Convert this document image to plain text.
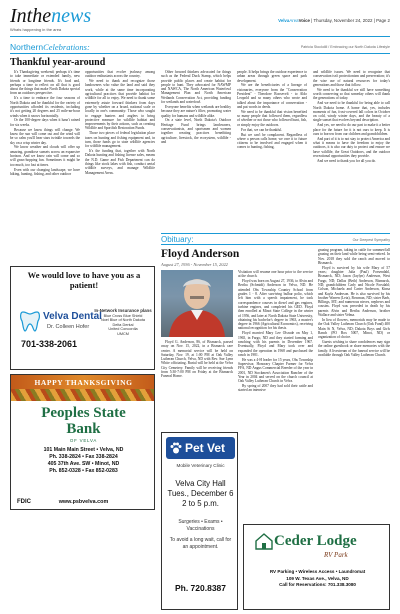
Inthenews
Whats happening in the area
VelvaAreaVoice | Thursday, November 24, 2022 | Page 2
NorthernCelebrations:	Patricia Stockdill / Embracing our North Dakota Lifestyle
Thankful year-around

It's Thanksgiving weekend; perhaps it's time to take immediate or extended family, new friends or longtime friends. It's food and, perhaps a time to reflect on all that is good about the things that make North Dakota special from an outdoors perspective.

It's a time to embrace the four seasons of North Dakota and be thankful for the variety of opportunities afforded its residents, including it's not getting 20 degrees and 25 mile-an-hour winds when it snows horizontally.

Or the 100-degree days when it hasn't rained for six weeks.

Because we know things will change. We know the sun will come out and the wind will be so calm you'll hear stars twinkle towards the sky on a crisp winter day.

We know weather and clouds will offer up amazing, grandiose sunsets across an expansive horizon. And we know rain will come and so will grass-hopping fun. Sometimes it might be too much, too fast at times.

Even with our changing landscape, we have hiking, hunting, fishing, and other outdoor

opportunities that evolve jealousy among outdoor enthusiasts across the country.

We need to thank and recognize those landowners who value the land and said they work, while at the same time incorporating agricultural practices that provide habitat for wildlife for all to enjoy. We need to thank some extremely astute forward thinkers from days gone by whether on a broad, national scale or locally in one's community: Those who sought to engage hunters and anglers to bring protective measure for wildlife habitat and improvements by their actions, such as creating Wildlife and Sportfish Restoration Funds.

Those two pieces of federal legislation place taxes on hunting and fishing equipment and, in turn, those funds go to state wildlife agencies for wildlife management.

It's the funding that, together with North Dakota hunting and fishing license sales, means the N.D. Game and Fish Department can do things like stock lakes with fish, conduct aerial wildlife surveys, and manage Wildlife Management Areas.

Other forward thinkers advocated for things such as the Federal Duck Stamp, which helps provide public places and create habitat for people to hunt. They advocated for NAWMP and NAWCA, The North American Waterfowl Management Plan and North American Wetlands Conservation Act, providing funding for wetlands and waterfowl.

Everyone benefits when wetlands are healthy because they are nature's filter, promoting water quality for humans and wildlife alike.

On a state level, North Dakota's Outdoor Heritage Fund brings landowners, conservationists, and sportsmen and women together creating practices benefitting agriculture, livestock, the ecosystem, wildlife - and

people. It helps brings the outdoor experience to urban areas through green space and park development.

We are the beneficiaries of a lineage of visionaries, everyone from the "Conservation President" - Theodore Roosevelt - to Aldo Leopold and so many others who wrote and talked about the importance of conservation - and put words in deeds.

We need to be thankful that vision benefited so many people that followed them, regardless of whether or not those who followed hunt, fish, or simply enjoy the outdoors.

For that, we can be thankful.

But we can't be complacent. Regardless of where a person calls home, we owe it to future citizens to be involved and engaged when it comes to hunting, fishing,

and wildlife issues. We need to recognize that conservation isn't protectionism and preservation; it's the wise use of natural resources for today's generations and those that follow.

We need to be thankful we still have something worth conserving so that someday others will thank the generations of today.

And we need to be thankful for being able to call North Dakota home. A home that, yes, includes moments of fun, frost-covered fall colors in October on cold, windy winter days, and the beauty of a single sunset that evolves beyond description.

And yes, we need to do our part to make it a better place for the future for it is not ours to keep. It is ours to borrow from our children and grandchildren.

And part of it is to not stay to protect America and what it means to have the freedom to enjoy the outdoors, it is also our duty to protect and ensure we have wildlife, the Great Outdoors, and the outdoor recreational opportunities they provide.

And we need to thank you for all you do.

We would love to have you as a patient!
Velva Dental
Dr. Colleen Hofer
701-338-2061
In-Network Insurance plans
Blue Cross Blue Shield
Noel Blue of North Dakota
Delta Dental
United Concordia
UMCM
HAPPY THANKSGIVING
Peoples State
Bank
OF VELVA
101 Main Main Street • Velva, ND
Ph. 338-2824 • Fax 338-2824
405 37th Ave. SW • Minot, ND
Ph. 852-0328 • Fax 852-0283
FDIC	www.psbvelva.com
Obituary:	Our Deepest Sympathy
Floyd Anderson
August 27, 1936 - November 15, 2022

Floyd G. Anderson, 86, of Bismarck, passed away on Nov. 15, 2022, in a Bismarck care center. A memorial service will be held on Saturday, Nov. 19, at 1:00 PM at Oak Valley Lutheran Church, Velva, ND with Rev. Sue Lynn White officiating. Burial will be held at the Velva City Cemetery. Family will be receiving friends from 5:30-7:00 PM on Friday at the Bismarck Funeral Home.

Visitation will resume one hour prior to the service at the church.

Floyd was born on August 27, 1936, to Alvin and Bertha (Schmidt) Anderson in Velva, ND. He attended Ohs Township Country School from grades 1 - 8. After surviving bulbar polio, which left him with a speech impairment, he took correspondence courses in diesel and gas engines, turbine engines, and completed his GED. Floyd then enrolled at Minot State College in the winter of 1956, and later at North Dakota State University, obtaining his bachelor's degree in 1963, a master's degree in 1966 (Agricultural Economics), receiving national recognition for his thesis.

Floyd married Mary Lee Olsrude on May 1, 1965, in Fargo, ND and they started farming and ranching with his parents in December 1967. Eventually, Floyd and Mary took over and expanded the operation in 1968 and purchased the ranch in 1981.

He was a 4-H leader for 15 years, Ohs Township Supervisor, Honorary Chapter Farmer for Velva FFA, ND Angus Commercial Breeder of the year in 2001, ND Stockmen's Association Rancher of the Year in 2004 and served on the church council at Oak Valley Lutheran Church in Velva.

By spring of 2007 they had sold their cattle and started an intensive

grazing program, taking in cattle for summer/fall grazing on their land while being semi-retired. In Nov. 2018 they sold the ranch and moved to Bismarck.

Floyd is survived by his wife Mary of 57 years; daughter Julia (Paul) Forsendahl, Bismarck, ND; Jason (Jaylyn) Anderson, West Fargo, ND; Dallas (Beth) Anderson, Bismarck, ND; grandchildren Carly and Nicole Forsdahl; Colson, Michaela and Carter Anderson, Kinsa and Kayla Anderson. He is also survived by his brother Warren (Leta), Bowman, ND; sister Barb, Billings, MT; and numerous nieces, nephews and cousins. Floyd was preceded in death by his parents Alvin and Bertha Anderson, brother Wallace and sister Velma.

In lieu of flowers, memorials may be made to the Oak Valley Lutheran Church (Oak Fund) 400 Main St N, Velva, ND; Dakota Boys and Girls Ranch (PO Box 5007, Minot, ND) or organization of choice.

Guests wishing to share condolences may sign the online guestbook or share memories with the family. A livestream of the funeral service will be available through Oak Valley Lutheran Church.

Pet Vet
Mobile Veterinary Clinic
Velva City Hall
Tues., December 6
2 to 5 p.m.
Surgeries • Exams • Vaccinations
To avoid a long wait, call for an appointment.
Ph. 720.8387
Ceder Lodge
RV Park
RV Parking • Wireless Access • Laundromat
109 W. Texas Ave., Velva, ND
Call for Reservations: 701.338.3080
